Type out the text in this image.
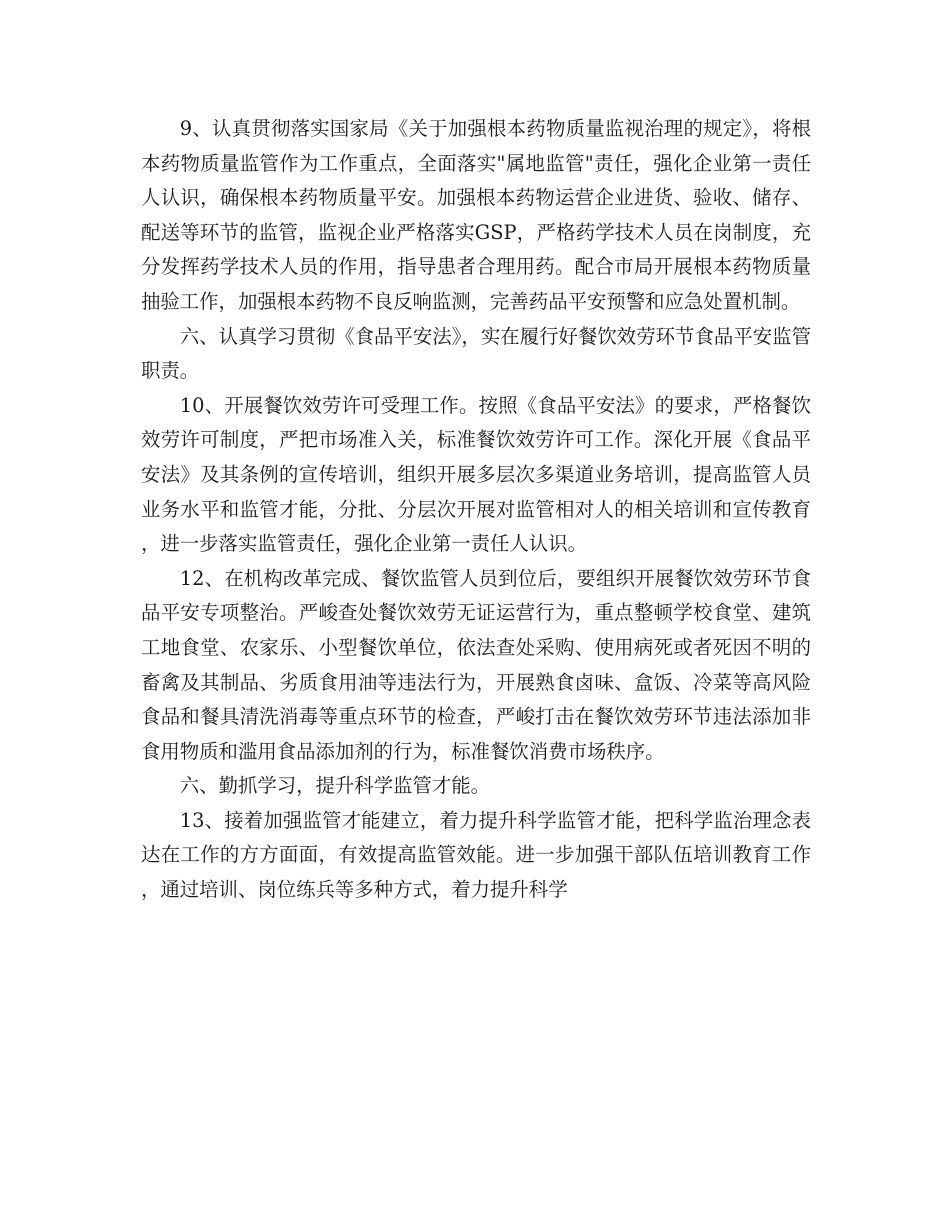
9、认真贯彻落实国家局《关于加强根本药物质量监视治理的规定》，将根本药物质量监管作为工作重点，全面落实"属地监管"责任，强化企业第一责任人认识，确保根本药物质量平安。加强根本药物运营企业进货、验收、储存、配送等环节的监管，监视企业严格落实GSP，严格药学技术人员在岗制度，充分发挥药学技术人员的作用，指导患者合理用药。配合市局开展根本药物质量抽验工作，加强根本药物不良反响监测，完善药品平安预警和应急处置机制。

六、认真学习贯彻《食品平安法》，实在履行好餐饮效劳环节食品平安监管职责。

10、开展餐饮效劳许可受理工作。按照《食品平安法》的要求，严格餐饮效劳许可制度，严把市场准入关，标准餐饮效劳许可工作。深化开展《食品平安法》及其条例的宣传培训，组织开展多层次多渠道业务培训，提高监管人员业务水平和监管才能，分批、分层次开展对监管相对人的相关培训和宣传教育，进一步落实监管责任，强化企业第一责任人认识。

12、在机构改革完成、餐饮监管人员到位后，要组织开展餐饮效劳环节食品平安专项整治。严峻查处餐饮效劳无证运营行为，重点整顿学校食堂、建筑工地食堂、农家乐、小型餐饮单位，依法查处采购、使用病死或者死因不明的畜禽及其制品、劣质食用油等违法行为，开展熟食卤味、盒饭、冷菜等高风险食品和餐具清洗消毒等重点环节的检查，严峻打击在餐饮效劳环节违法添加非食用物质和滥用食品添加剂的行为，标准餐饮消费市场秩序。

六、勤抓学习，提升科学监管才能。

13、接着加强监管才能建立，着力提升科学监管才能，把科学监治理念表达在工作的方方面面，有效提高监管效能。进一步加强干部队伍培训教育工作，通过培训、岗位练兵等多种方式，着力提升科学
